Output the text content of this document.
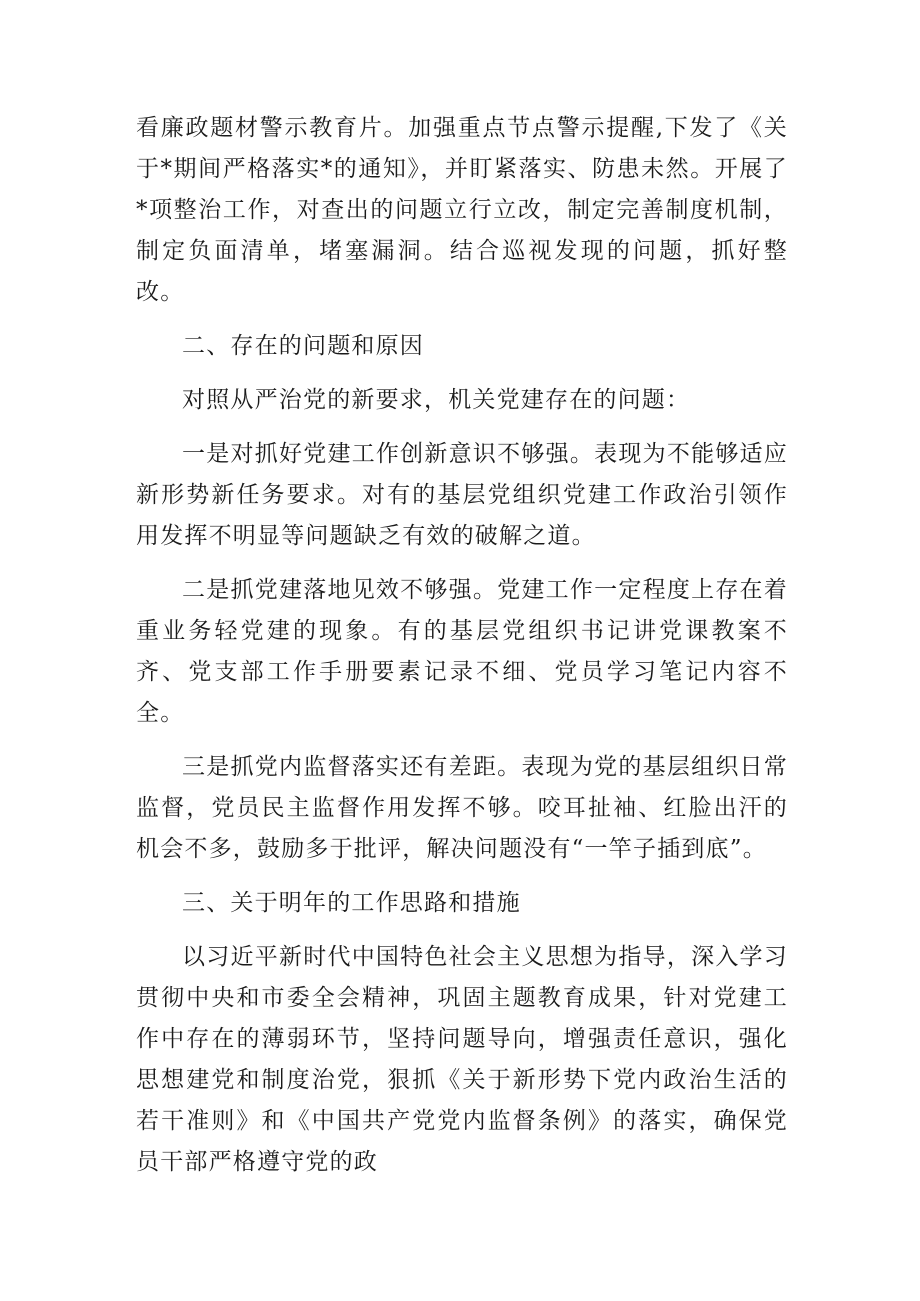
看廉政题材警示教育片。加强重点节点警示提醒,下发了《关于*期间严格落实*的通知》，并盯紧落实、防患未然。开展了*项整治工作，对查出的问题立行立改，制定完善制度机制，制定负面清单，堵塞漏洞。结合巡视发现的问题，抓好整改。

二、存在的问题和原因

对照从严治党的新要求，机关党建存在的问题：

一是对抓好党建工作创新意识不够强。表现为不能够适应新形势新任务要求。对有的基层党组织党建工作政治引领作用发挥不明显等问题缺乏有效的破解之道。

二是抓党建落地见效不够强。党建工作一定程度上存在着重业务轻党建的现象。有的基层党组织书记讲党课教案不齐、党支部工作手册要素记录不细、党员学习笔记内容不全。

三是抓党内监督落实还有差距。表现为党的基层组织日常监督，党员民主监督作用发挥不够。咬耳扯袖、红脸出汗的机会不多，鼓励多于批评，解决问题没有“一竿子插到底”。

三、关于明年的工作思路和措施

以习近平新时代中国特色社会主义思想为指导，深入学习贯彻中央和市委全会精神，巩固主题教育成果，针对党建工作中存在的薄弱环节，坚持问题导向，增强责任意识，强化思想建党和制度治党，狠抓《关于新形势下党内政治生活的若干准则》和《中国共产党党内监督条例》的落实，确保党员干部严格遵守党的政
